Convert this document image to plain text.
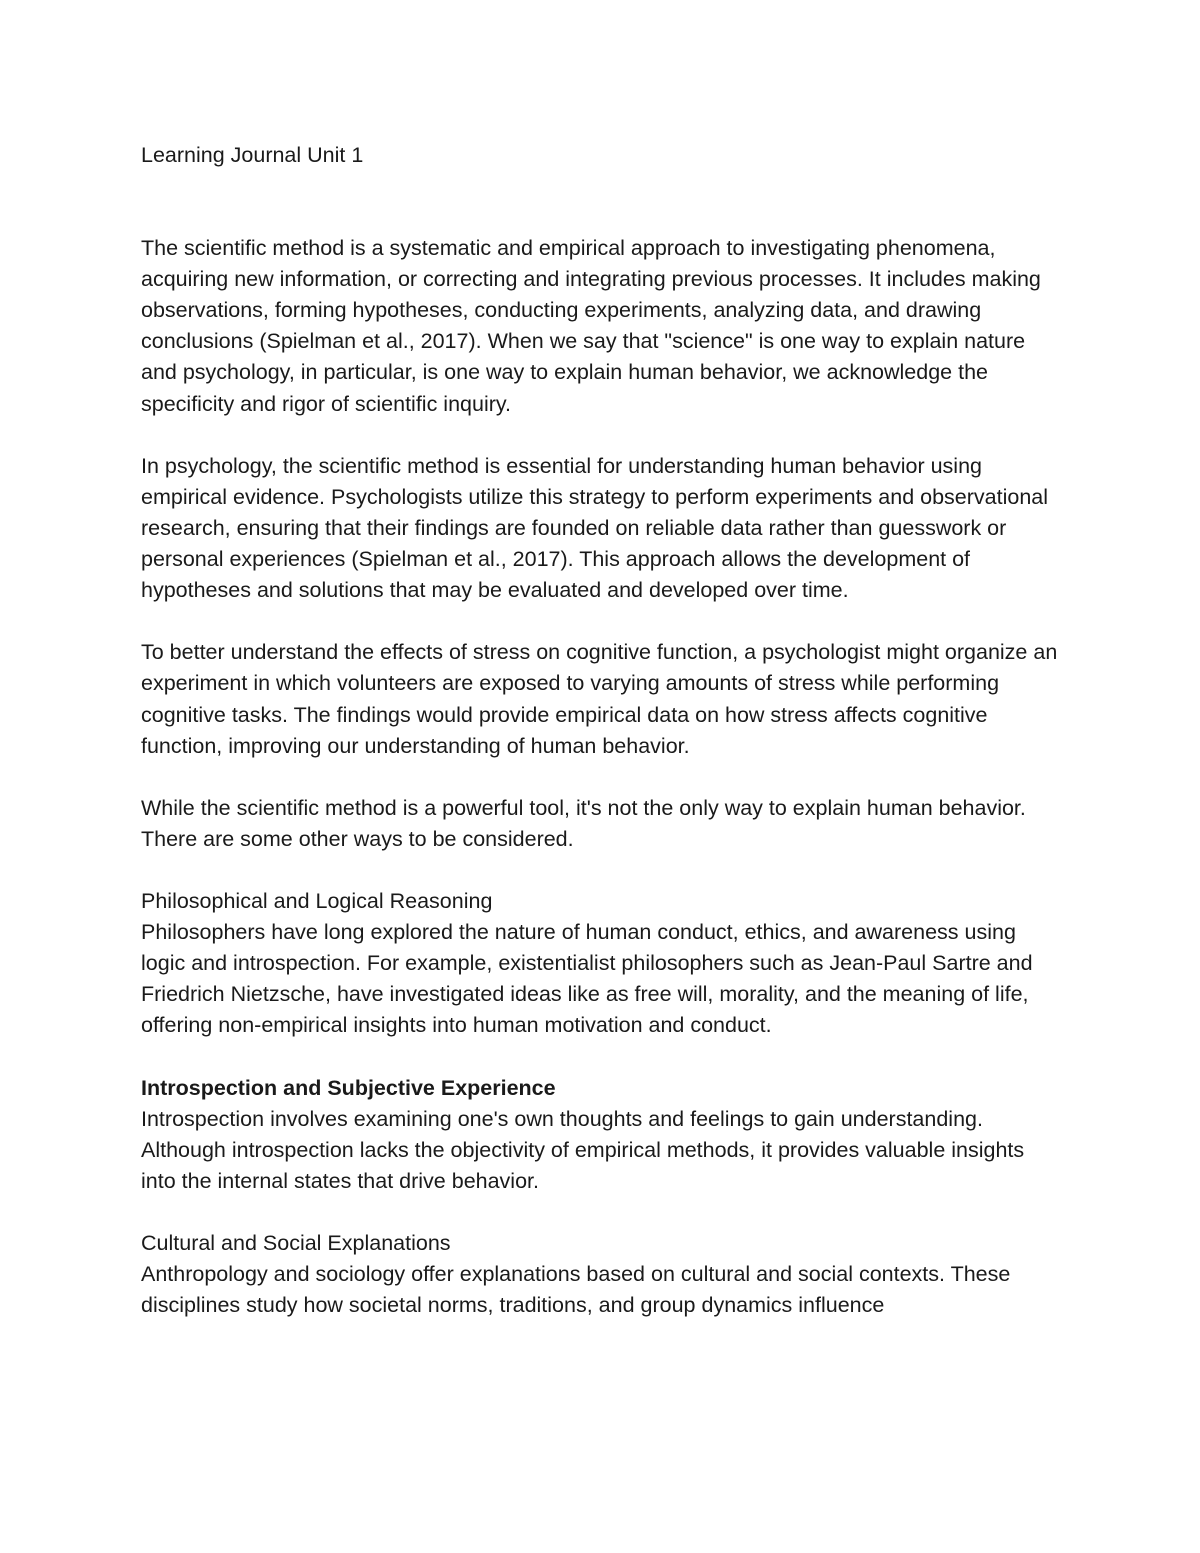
Learning Journal Unit 1

The scientific method is a systematic and empirical approach to investigating phenomena, acquiring new information, or correcting and integrating previous processes. It includes making observations, forming hypotheses, conducting experiments, analyzing data, and drawing conclusions (Spielman et al., 2017). When we say that "science" is one way to explain nature and psychology, in particular, is one way to explain human behavior, we acknowledge the specificity and rigor of scientific inquiry.

In psychology, the scientific method is essential for understanding human behavior using empirical evidence. Psychologists utilize this strategy to perform experiments and observational research, ensuring that their findings are founded on reliable data rather than guesswork or personal experiences (Spielman et al., 2017). This approach allows the development of hypotheses and solutions that may be evaluated and developed over time.

To better understand the effects of stress on cognitive function, a psychologist might organize an experiment in which volunteers are exposed to varying amounts of stress while performing cognitive tasks. The findings would provide empirical data on how stress affects cognitive function, improving our understanding of human behavior.

While the scientific method is a powerful tool, it's not the only way to explain human behavior. There are some other ways to be considered.

Philosophical and Logical Reasoning
Philosophers have long explored the nature of human conduct, ethics, and awareness using logic and introspection. For example, existentialist philosophers such as Jean-Paul Sartre and Friedrich Nietzsche, have investigated ideas like as free will, morality, and the meaning of life, offering non-empirical insights into human motivation and conduct.
Introspection and Subjective Experience
Introspection involves examining one's own thoughts and feelings to gain understanding. Although introspection lacks the objectivity of empirical methods, it provides valuable insights into the internal states that drive behavior.
Cultural and Social Explanations
Anthropology and sociology offer explanations based on cultural and social contexts. These disciplines study how societal norms, traditions, and group dynamics influence
